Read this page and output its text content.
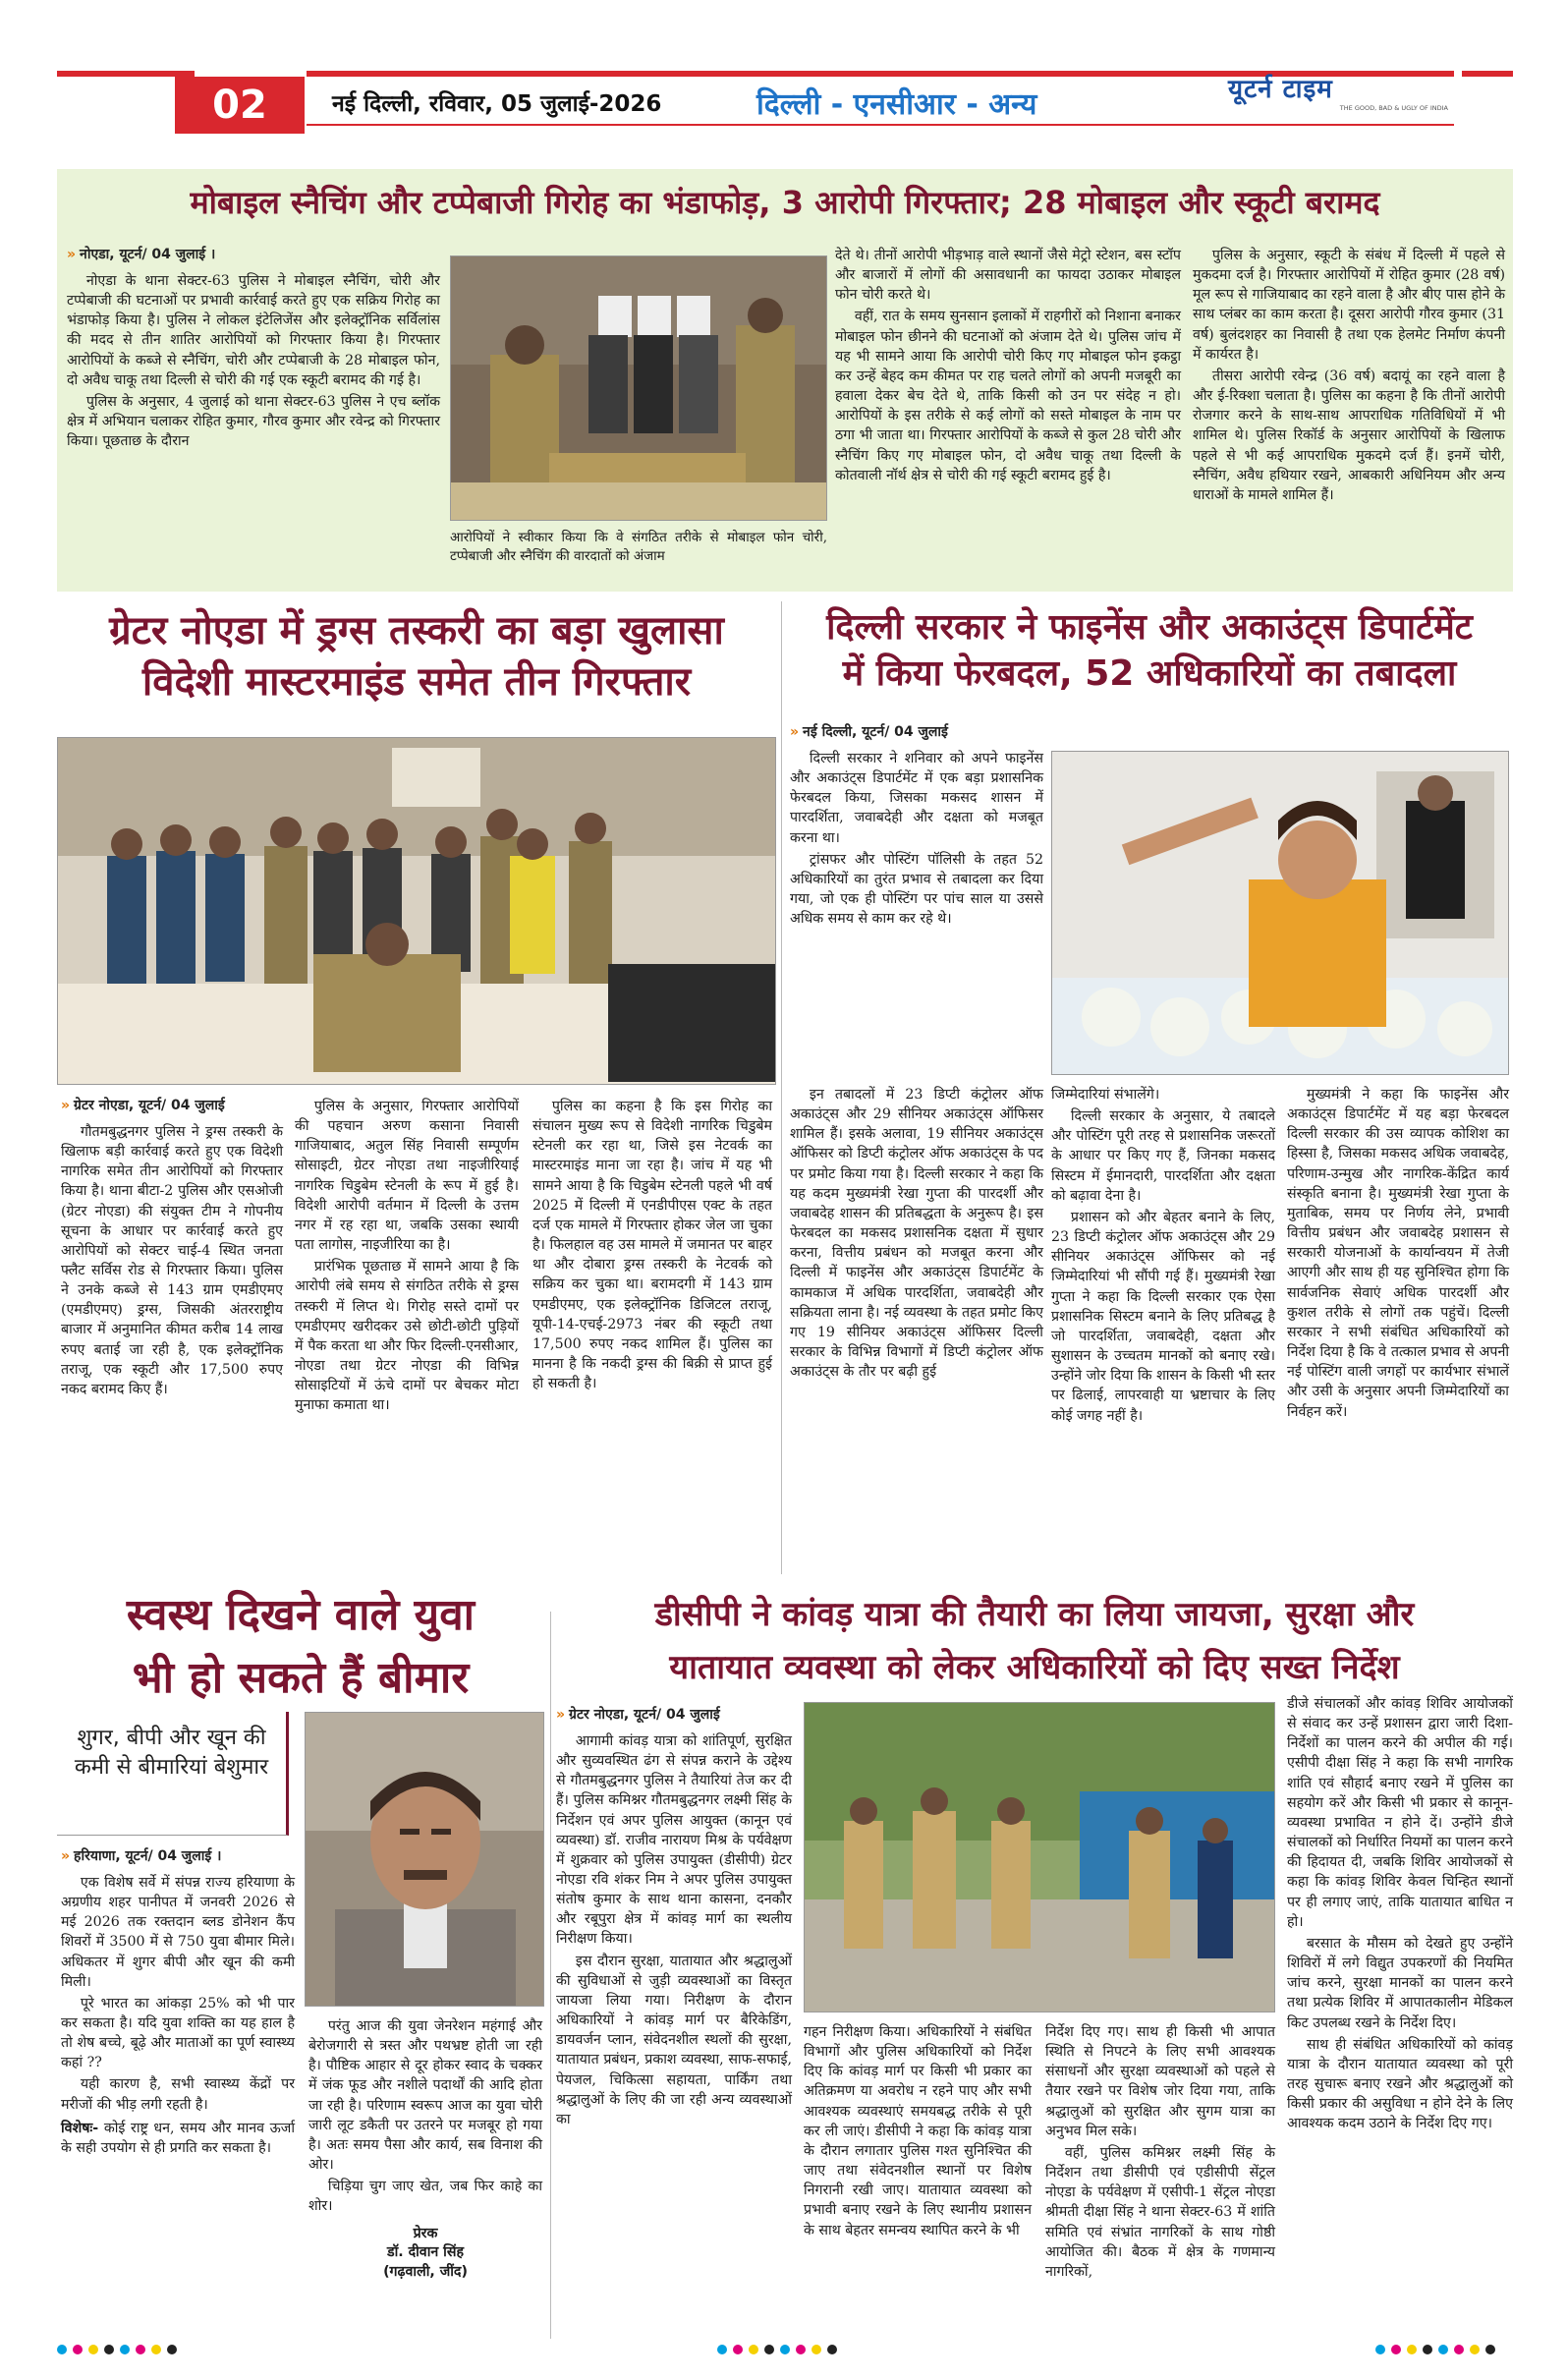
02	नई दिल्ली, रविवार, 05 जुलाई-2026	दिल्ली - एनसीआर - अन्य	यूटर्न टाइम
THE GOOD, BAD & UGLY OF INDIA
मोबाइल स्नैचिंग और टप्पेबाजी गिरोह का भंडाफोड़, 3 आरोपी गिरफ्तार; 28 मोबाइल और स्कूटी बरामद
» नोएडा, यूटर्न/ 04 जुलाई ।

नोएडा के थाना सेक्टर-63 पुलिस ने मोबाइल स्नैचिंग, चोरी और टप्पेबाजी की घटनाओं पर प्रभावी कार्रवाई करते हुए एक सक्रिय गिरोह का भंडाफोड़ किया है। पुलिस ने लोकल इंटेलिजेंस और इलेक्ट्रॉनिक सर्विलांस की मदद से तीन शातिर आरोपियों को गिरफ्तार किया है। गिरफ्तार आरोपियों के कब्जे से स्नैचिंग, चोरी और टप्पेबाजी के 28 मोबाइल फोन, दो अवैध चाकू तथा दिल्ली से चोरी की गई एक स्कूटी बरामद की गई है।

पुलिस के अनुसार, 4 जुलाई को थाना सेक्टर-63 पुलिस ने एच ब्लॉक क्षेत्र में अभियान चलाकर रोहित कुमार, गौरव कुमार और रवेन्द्र को गिरफ्तार किया। पूछताछ के दौरान

आरोपियों ने स्वीकार किया कि वे संगठित तरीके से मोबाइल फोन चोरी, टप्पेबाजी और स्नैचिंग की वारदातों को अंजाम

देते थे। तीनों आरोपी भीड़भाड़ वाले स्थानों जैसे मेट्रो स्टेशन, बस स्टॉप और बाजारों में लोगों की असावधानी का फायदा उठाकर मोबाइल फोन चोरी करते थे।

वहीं, रात के समय सुनसान इलाकों में राहगीरों को निशाना बनाकर मोबाइल फोन छीनने की घटनाओं को अंजाम देते थे। पुलिस जांच में यह भी सामने आया कि आरोपी चोरी किए गए मोबाइल फोन इकट्ठा कर उन्हें बेहद कम कीमत पर राह चलते लोगों को अपनी मजबूरी का हवाला देकर बेच देते थे, ताकि किसी को उन पर संदेह न हो। आरोपियों के इस तरीके से कई लोगों को सस्ते मोबाइल के नाम पर ठगा भी जाता था। गिरफ्तार आरोपियों के कब्जे से कुल 28 चोरी और स्नैचिंग किए गए मोबाइल फोन, दो अवैध चाकू तथा दिल्ली के कोतवाली नॉर्थ क्षेत्र से चोरी की गई स्कूटी बरामद हुई है।

पुलिस के अनुसार, स्कूटी के संबंध में दिल्ली में पहले से मुकदमा दर्ज है। गिरफ्तार आरोपियों में रोहित कुमार (28 वर्ष) मूल रूप से गाजियाबाद का रहने वाला है और बीए पास होने के साथ प्लंबर का काम करता है। दूसरा आरोपी गौरव कुमार (31 वर्ष) बुलंदशहर का निवासी है तथा एक हेलमेट निर्माण कंपनी में कार्यरत है।

तीसरा आरोपी रवेन्द्र (36 वर्ष) बदायूं का रहने वाला है और ई-रिक्शा चलाता है। पुलिस का कहना है कि तीनों आरोपी रोजगार करने के साथ-साथ आपराधिक गतिविधियों में भी शामिल थे। पुलिस रिकॉर्ड के अनुसार आरोपियों के खिलाफ पहले से भी कई आपराधिक मुकदमे दर्ज हैं। इनमें चोरी, स्नैचिंग, अवैध हथियार रखने, आबकारी अधिनियम और अन्य धाराओं के मामले शामिल हैं।

ग्रेटर नोएडा में ड्रग्स तस्करी का बड़ा खुलासा
विदेशी मास्टरमाइंड समेत तीन गिरफ्तार
» ग्रेटर नोएडा, यूटर्न/ 04 जुलाई

गौतमबुद्धनगर पुलिस ने ड्रग्स तस्करी के खिलाफ बड़ी कार्रवाई करते हुए एक विदेशी नागरिक समेत तीन आरोपियों को गिरफ्तार किया है। थाना बीटा-2 पुलिस और एसओजी (ग्रेटर नोएडा) की संयुक्त टीम ने गोपनीय सूचना के आधार पर कार्रवाई करते हुए आरोपियों को सेक्टर चाई-4 स्थित जनता फ्लैट सर्विस रोड से गिरफ्तार किया। पुलिस ने उनके कब्जे से 143 ग्राम एमडीएमए (एमडीएमए) ड्रग्स, जिसकी अंतरराष्ट्रीय बाजार में अनुमानित कीमत करीब 14 लाख रुपए बताई जा रही है, एक इलेक्ट्रॉनिक तराजू, एक स्कूटी और 17,500 रुपए नकद बरामद किए हैं।

पुलिस के अनुसार, गिरफ्तार आरोपियों की पहचान अरुण कसाना निवासी गाजियाबाद, अतुल सिंह निवासी सम्पूर्णम सोसाइटी, ग्रेटर नोएडा तथा नाइजीरियाई नागरिक चिडुबेम स्टेनली के रूप में हुई है। विदेशी आरोपी वर्तमान में दिल्ली के उत्तम नगर में रह रहा था, जबकि उसका स्थायी पता लागोस, नाइजीरिया का है।

प्रारंभिक पूछताछ में सामने आया है कि आरोपी लंबे समय से संगठित तरीके से ड्रग्स तस्करी में लिप्त थे। गिरोह सस्ते दामों पर एमडीएमए खरीदकर उसे छोटी-छोटी पुड़ियों में पैक करता था और फिर दिल्ली-एनसीआर, नोएडा तथा ग्रेटर नोएडा की विभिन्न सोसाइटियों में ऊंचे दामों पर बेचकर मोटा मुनाफा कमाता था।

पुलिस का कहना है कि इस गिरोह का संचालन मुख्य रूप से विदेशी नागरिक चिडुबेम स्टेनली कर रहा था, जिसे इस नेटवर्क का मास्टरमाइंड माना जा रहा है। जांच में यह भी सामने आया है कि चिडुबेम स्टेनली पहले भी वर्ष 2025 में दिल्ली में एनडीपीएस एक्ट के तहत दर्ज एक मामले में गिरफ्तार होकर जेल जा चुका है। फिलहाल वह उस मामले में जमानत पर बाहर था और दोबारा ड्रग्स तस्करी के नेटवर्क को सक्रिय कर चुका था। बरामदगी में 143 ग्राम एमडीएमए, एक इलेक्ट्रॉनिक डिजिटल तराजू, यूपी-14-एचई-2973 नंबर की स्कूटी तथा 17,500 रुपए नकद शामिल हैं। पुलिस का मानना है कि नकदी ड्रग्स की बिक्री से प्राप्त हुई हो सकती है।

दिल्ली सरकार ने फाइनेंस और अकाउंट्स डिपार्टमेंट
में किया फेरबदल, 52 अधिकारियों का तबादला
» नई दिल्ली, यूटर्न/ 04 जुलाई

दिल्ली सरकार ने शनिवार को अपने फाइनेंस और अकाउंट्स डिपार्टमेंट में एक बड़ा प्रशासनिक फेरबदल किया, जिसका मकसद शासन में पारदर्शिता, जवाबदेही और दक्षता को मजबूत करना था।

ट्रांसफर और पोस्टिंग पॉलिसी के तहत 52 अधिकारियों का तुरंत प्रभाव से तबादला कर दिया गया, जो एक ही पोस्टिंग पर पांच साल या उससे अधिक समय से काम कर रहे थे।

इन तबादलों में 23 डिप्टी कंट्रोलर ऑफ अकाउंट्स और 29 सीनियर अकाउंट्स ऑफिसर शामिल हैं। इसके अलावा, 19 सीनियर अकाउंट्स ऑफिसर को डिप्टी कंट्रोलर ऑफ अकाउंट्स के पद पर प्रमोट किया गया है। दिल्ली सरकार ने कहा कि यह कदम मुख्यमंत्री रेखा गुप्ता की पारदर्शी और जवाबदेह शासन की प्रतिबद्धता के अनुरूप है। इस फेरबदल का मकसद प्रशासनिक दक्षता में सुधार करना, वित्तीय प्रबंधन को मजबूत करना और दिल्ली में फाइनेंस और अकाउंट्स डिपार्टमेंट के कामकाज में अधिक पारदर्शिता, जवाबदेही और सक्रियता लाना है। नई व्यवस्था के तहत प्रमोट किए गए 19 सीनियर अकाउंट्स ऑफिसर दिल्ली सरकार के विभिन्न विभागों में डिप्टी कंट्रोलर ऑफ अकाउंट्स के तौर पर बढ़ी हुई

जिम्मेदारियां संभालेंगे।

दिल्ली सरकार के अनुसार, ये तबादले और पोस्टिंग पूरी तरह से प्रशासनिक जरूरतों के आधार पर किए गए हैं, जिनका मकसद सिस्टम में ईमानदारी, पारदर्शिता और दक्षता को बढ़ावा देना है।

प्रशासन को और बेहतर बनाने के लिए, 23 डिप्टी कंट्रोलर ऑफ अकाउंट्स और 29 सीनियर अकाउंट्स ऑफिसर को नई जिम्मेदारियां भी सौंपी गई हैं। मुख्यमंत्री रेखा गुप्ता ने कहा कि दिल्ली सरकार एक ऐसा प्रशासनिक सिस्टम बनाने के लिए प्रतिबद्ध है जो पारदर्शिता, जवाबदेही, दक्षता और सुशासन के उच्चतम मानकों को बनाए रखे। उन्होंने जोर दिया कि शासन के किसी भी स्तर पर ढिलाई, लापरवाही या भ्रष्टाचार के लिए कोई जगह नहीं है।

मुख्यमंत्री ने कहा कि फाइनेंस और अकाउंट्स डिपार्टमेंट में यह बड़ा फेरबदल दिल्ली सरकार की उस व्यापक कोशिश का हिस्सा है, जिसका मकसद अधिक जवाबदेह, परिणाम-उन्मुख और नागरिक-केंद्रित कार्य संस्कृति बनाना है। मुख्यमंत्री रेखा गुप्ता के मुताबिक, समय पर निर्णय लेने, प्रभावी वित्तीय प्रबंधन और जवाबदेह प्रशासन से सरकारी योजनाओं के कार्यान्वयन में तेजी आएगी और साथ ही यह सुनिश्चित होगा कि सार्वजनिक सेवाएं अधिक पारदर्शी और कुशल तरीके से लोगों तक पहुंचें। दिल्ली सरकार ने सभी संबंधित अधिकारियों को निर्देश दिया है कि वे तत्काल प्रभाव से अपनी नई पोस्टिंग वाली जगहों पर कार्यभार संभालें और उसी के अनुसार अपनी जिम्मेदारियों का निर्वहन करें।

स्वस्थ दिखने वाले युवा
भी हो सकते हैं बीमार
शुगर, बीपी और खून की कमी से बीमारियां बेशुमार
» हरियाणा, यूटर्न/ 04 जुलाई ।

एक विशेष सर्वे में संपन्न राज्य हरियाणा के अग्रणीय शहर पानीपत में जनवरी 2026 से मई 2026 तक रक्तदान ब्लड डोनेशन कैंप शिवरों में 3500 में से 750 युवा बीमार मिले। अधिकतर में शुगर बीपी और खून की कमी मिली।

पूरे भारत का आंकड़ा 25% को भी पार कर सकता है। यदि युवा शक्ति का यह हाल है तो शेष बच्चे, बूढ़े और माताओं का पूर्ण स्वास्थ्य कहां ??

यही कारण है, सभी स्वास्थ्य केंद्रों पर मरीजों की भीड़ लगी रहती है।

विशेषः- कोई राष्ट्र धन, समय और मानव ऊर्जा के सही उपयोग से ही प्रगति कर सकता है।

परंतु आज की युवा जेनरेशन महंगाई और बेरोजगारी से त्रस्त और पथभ्रष्ट होती जा रही है। पौष्टिक आहार से दूर होकर स्वाद के चक्कर में जंक फूड और नशीले पदार्थों की आदि होता जा रही है। परिणाम स्वरूप आज का युवा चोरी जारी लूट डकैती पर उतरने पर मजबूर हो गया है। अतः समय पैसा और कार्य, सब विनाश की ओर।

चिड़िया चुग जाए खेत, जब फिर काहे का शोर।

प्रेरक
डॉ. दीवान सिंह
(गढ़वाली, जींद)
डीसीपी ने कांवड़ यात्रा की तैयारी का लिया जायजा, सुरक्षा और
यातायात व्यवस्था को लेकर अधिकारियों को दिए सख्त निर्देश
» ग्रेटर नोएडा, यूटर्न/ 04 जुलाई

आगामी कांवड़ यात्रा को शांतिपूर्ण, सुरक्षित और सुव्यवस्थित ढंग से संपन्न कराने के उद्देश्य से गौतमबुद्धनगर पुलिस ने तैयारियां तेज कर दी हैं। पुलिस कमिश्नर गौतमबुद्धनगर लक्ष्मी सिंह के निर्देशन एवं अपर पुलिस आयुक्त (कानून एवं व्यवस्था) डॉ. राजीव नारायण मिश्र के पर्यवेक्षण में शुक्रवार को पुलिस उपायुक्त (डीसीपी) ग्रेटर नोएडा रवि शंकर निम ने अपर पुलिस उपायुक्त संतोष कुमार के साथ थाना कासना, दनकौर और रबूपुरा क्षेत्र में कांवड़ मार्ग का स्थलीय निरीक्षण किया।

इस दौरान सुरक्षा, यातायात और श्रद्धालुओं की सुविधाओं से जुड़ी व्यवस्थाओं का विस्तृत जायजा लिया गया। निरीक्षण के दौरान अधिकारियों ने कांवड़ मार्ग पर बैरिकेडिंग, डायवर्जन प्लान, संवेदनशील स्थलों की सुरक्षा, यातायात प्रबंधन, प्रकाश व्यवस्था, साफ-सफाई, पेयजल, चिकित्सा सहायता, पार्किंग तथा श्रद्धालुओं के लिए की जा रही अन्य व्यवस्थाओं का

गहन निरीक्षण किया। अधिकारियों ने संबंधित विभागों और पुलिस अधिकारियों को निर्देश दिए कि कांवड़ मार्ग पर किसी भी प्रकार का अतिक्रमण या अवरोध न रहने पाए और सभी आवश्यक व्यवस्थाएं समयबद्ध तरीके से पूरी कर ली जाएं। डीसीपी ने कहा कि कांवड़ यात्रा के दौरान लगातार पुलिस गश्त सुनिश्चित की जाए तथा संवेदनशील स्थानों पर विशेष निगरानी रखी जाए। यातायात व्यवस्था को प्रभावी बनाए रखने के लिए स्थानीय प्रशासन के साथ बेहतर समन्वय स्थापित करने के भी

निर्देश दिए गए। साथ ही किसी भी आपात स्थिति से निपटने के लिए सभी आवश्यक संसाधनों और सुरक्षा व्यवस्थाओं को पहले से तैयार रखने पर विशेष जोर दिया गया, ताकि श्रद्धालुओं को सुरक्षित और सुगम यात्रा का अनुभव मिल सके।

वहीं, पुलिस कमिश्नर लक्ष्मी सिंह के निर्देशन तथा डीसीपी एवं एडीसीपी सेंट्रल नोएडा के पर्यवेक्षण में एसीपी-1 सेंट्रल नोएडा श्रीमती दीक्षा सिंह ने थाना सेक्टर-63 में शांति समिति एवं संभ्रांत नागरिकों के साथ गोष्ठी आयोजित की। बैठक में क्षेत्र के गणमान्य नागरिकों,

डीजे संचालकों और कांवड़ शिविर आयोजकों से संवाद कर उन्हें प्रशासन द्वारा जारी दिशा-निर्देशों का पालन करने की अपील की गई। एसीपी दीक्षा सिंह ने कहा कि सभी नागरिक शांति एवं सौहार्द बनाए रखने में पुलिस का सहयोग करें और किसी भी प्रकार से कानून-व्यवस्था प्रभावित न होने दें। उन्होंने डीजे संचालकों को निर्धारित नियमों का पालन करने की हिदायत दी, जबकि शिविर आयोजकों से कहा कि कांवड़ शिविर केवल चिन्हित स्थानों पर ही लगाए जाएं, ताकि यातायात बाधित न हो।

बरसात के मौसम को देखते हुए उन्होंने शिविरों में लगे विद्युत उपकरणों की नियमित जांच करने, सुरक्षा मानकों का पालन करने तथा प्रत्येक शिविर में आपातकालीन मेडिकल किट उपलब्ध रखने के निर्देश दिए।

साथ ही संबंधित अधिकारियों को कांवड़ यात्रा के दौरान यातायात व्यवस्था को पूरी तरह सुचारू बनाए रखने और श्रद्धालुओं को किसी प्रकार की असुविधा न होने देने के लिए आवश्यक कदम उठाने के निर्देश दिए गए।
